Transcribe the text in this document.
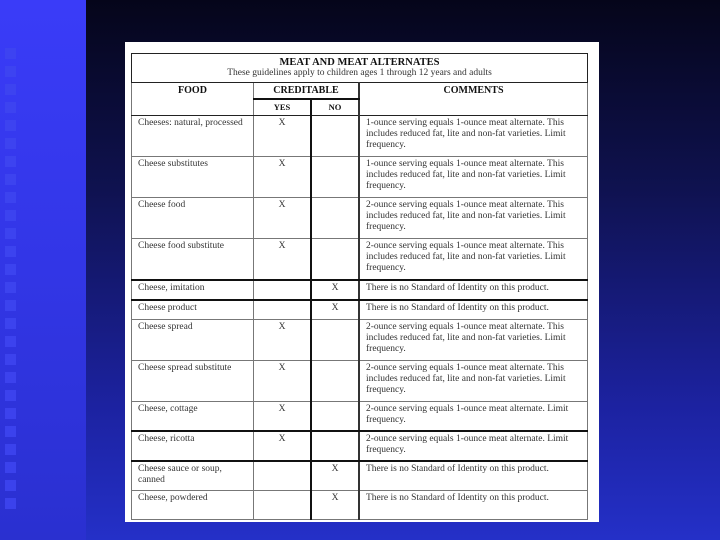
MEAT AND MEAT ALTERNATES
These guidelines apply to children ages 1 through 12 years and adults			
FOOD	CREDITABLE		COMMENTS
	YES	NO	
Cheeses: natural, processed	X		1-ounce serving equals 1-ounce meat alternate. This includes reduced fat, lite and non-fat varieties. Limit frequency.
Cheese substitutes	X		1-ounce serving equals 1-ounce meat alternate. This includes reduced fat, lite and non-fat varieties. Limit frequency.
Cheese food	X		2-ounce serving equals 1-ounce meat alternate. This includes reduced fat, lite and non-fat varieties. Limit frequency.
Cheese food substitute	X		2-ounce serving equals 1-ounce meat alternate. This includes reduced fat, lite and non-fat varieties. Limit frequency.
Cheese, imitation		X	There is no Standard of Identity on this product.
Cheese product		X	There is no Standard of Identity on this product.
Cheese spread	X		2-ounce serving equals 1-ounce meat alternate. This includes reduced fat, lite and non-fat varieties. Limit frequency.
Cheese spread substitute	X		2-ounce serving equals 1-ounce meat alternate. This includes reduced fat, lite and non-fat varieties. Limit frequency.
Cheese, cottage	X		2-ounce serving equals 1-ounce meat alternate. Limit frequency.
Cheese, ricotta	X		2-ounce serving equals 1-ounce meat alternate. Limit frequency.
Cheese sauce or soup, canned		X	There is no Standard of Identity on this product.
Cheese, powdered		X	There is no Standard of Identity on this product.
